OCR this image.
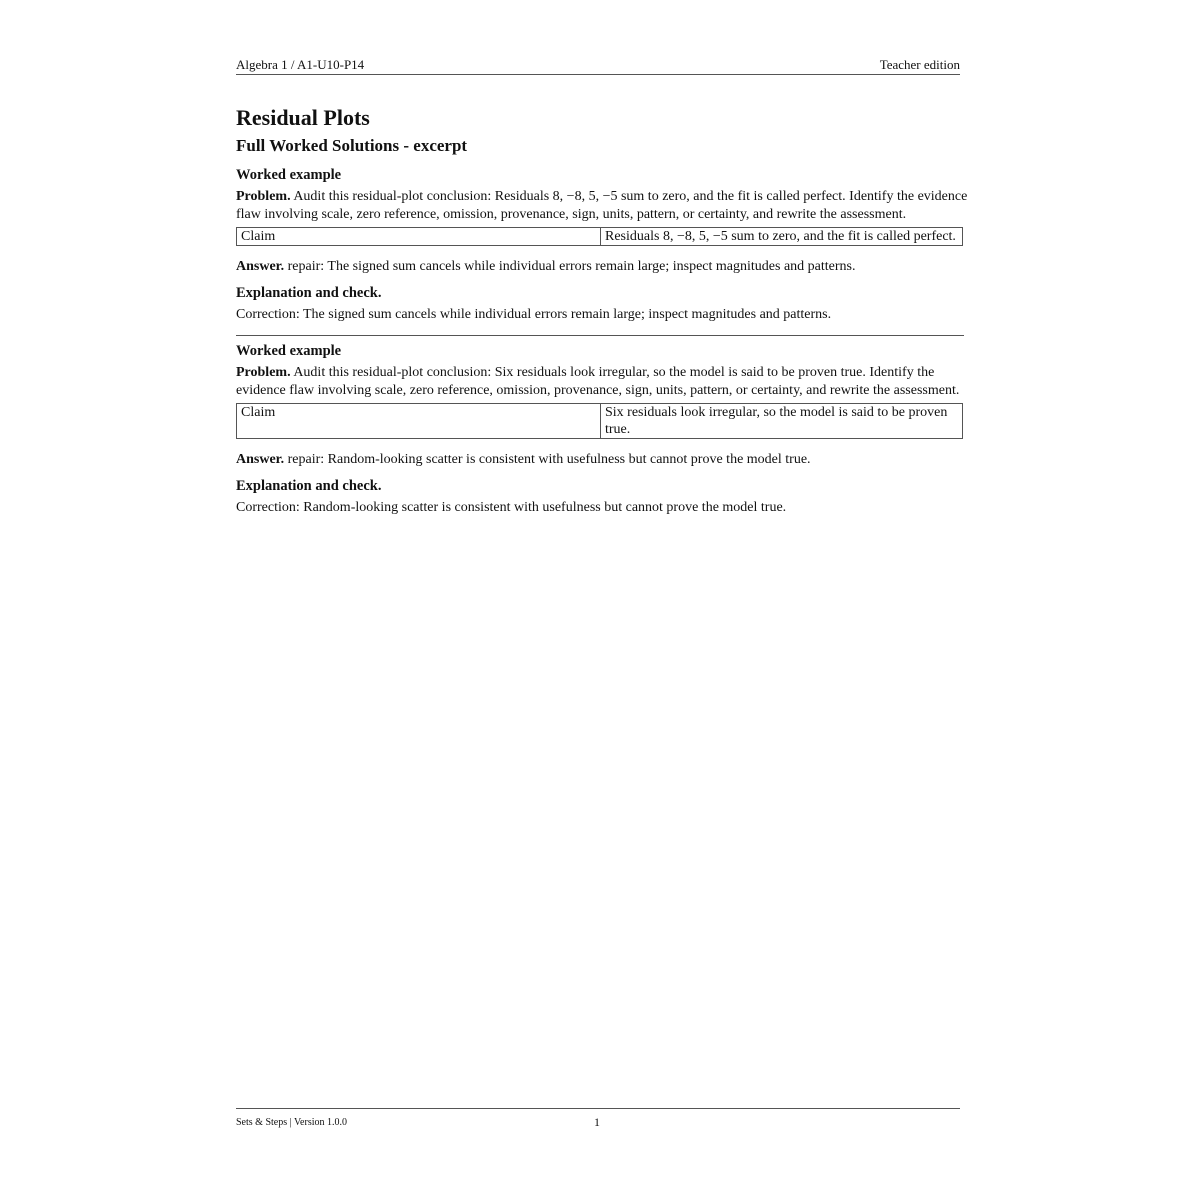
Algebra 1 / A1-U10-P14	Teacher edition
Residual Plots
Full Worked Solutions - excerpt
Worked example

Problem. Audit this residual-plot conclusion: Residuals 8, −8, 5, −5 sum to zero, and the fit is called perfect. Identify the evidence flaw involving scale, zero reference, omission, provenance, sign, units, pattern, or certainty, and rewrite the assessment.

Claim	Residuals 8, −8, 5, −5 sum to zero, and the fit is called perfect.

Answer. repair: The signed sum cancels while individual errors remain large; inspect magnitudes and patterns.

Explanation and check.

Correction: The signed sum cancels while individual errors remain large; inspect magnitudes and patterns.

Worked example

Problem. Audit this residual-plot conclusion: Six residuals look irregular, so the model is said to be proven true. Identify the evidence flaw involving scale, zero reference, omission, provenance, sign, units, pattern, or certainty, and rewrite the assessment.

Claim	Six residuals look irregular, so the model is said to be proven true.

Answer. repair: Random-looking scatter is consistent with usefulness but cannot prove the model true.

Explanation and check.

Correction: Random-looking scatter is consistent with usefulness but cannot prove the model true.

Sets & Steps | Version 1.0.0	1
